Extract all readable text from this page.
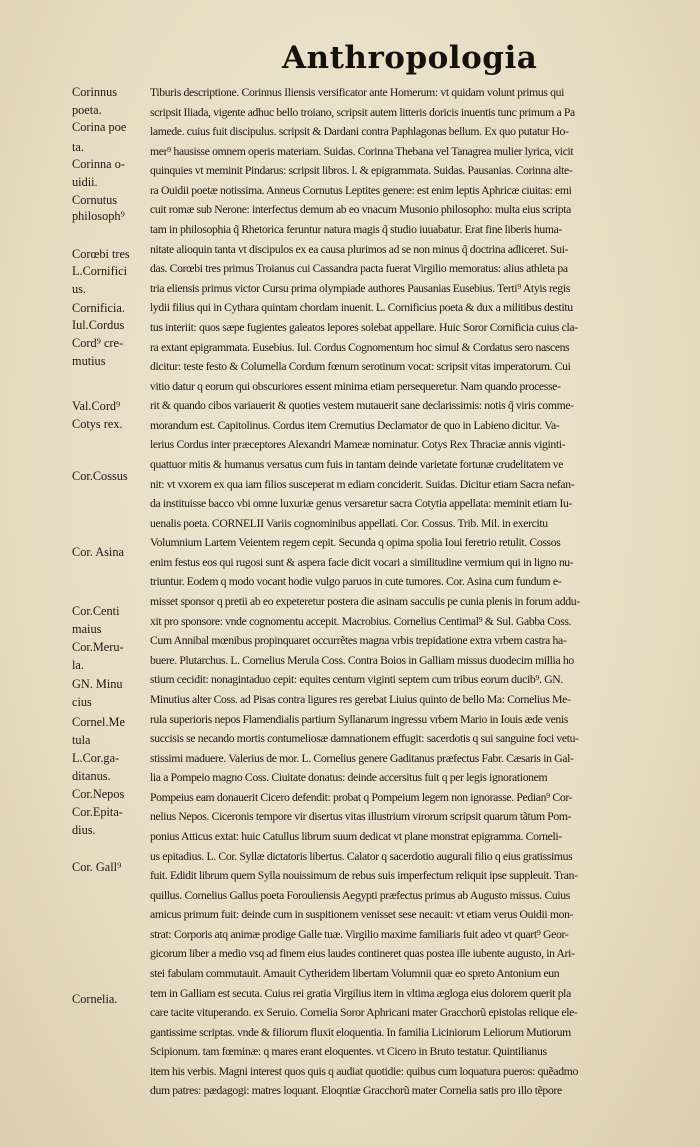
Anthropologia
Corinnus
poeta.
Corina poe
ta.
Corinna o-
uidii.
Cornutus
philosoph⁹
Corœbi tres
L.Cornifici
us.
Cornificia.
Iul.Cordus
Cord⁹ cre-
mutius
Val.Cord⁹
Cotys rex.
Cor.Cossus
Cor. Asina
Cor.Centi
maius
Cor.Meru-
la.
GN. Minu
cius
Cornel.Me
tula
L.Cor.ga-
ditanus.
Cor.Nepos
Cor.Epita-
dius.
Cor. Gall⁹
Cornelia.
Tiburis descriptione. Corinnus Iliensis versificator ante Homerum: vt quidam volunt primus qui
scripsit Iliada, vigente adhuc bello troiano, scripsit autem litteris doricis inuentis tunc primum a Pa
lamede. cuius fuit discipulus. scripsit & Dardani contra Paphlagonas bellum. Ex quo putatur Ho-
mer⁹ hausisse omnem operis materiam. Suidas. Corinna Thebana vel Tanagrea mulier lyrica, vicit
quinquies vt meminit Pindarus: scripsit libros. l. & epigrammata. Suidas. Pausanias. Corinna alte-
ra Ouidii poetæ notissima. Anneus Cornutus Leptites genere: est enim leptis Aphricæ ciuitas: emi
cuit romæ sub Nerone: interfectus demum ab eo vnacum Musonio philosopho: multa eius scripta
tam in philosophia q̃ Rhetorica feruntur natura magis q̃ studio iuuabatur. Erat fine liberis huma-
nitate alioquin tanta vt discipulos ex ea causa plurimos ad se non minus q̃ doctrina adliceret. Sui-
das. Corœbi tres primus Troianus cui Cassandra pacta fuerat Virgilio memoratus: alius athleta pa
tria eliensis primus victor Cursu prima olympiade authores Pausanias Eusebius. Terti⁹ Atyis regis
lydii filius qui in Cythara quintam chordam inuenit. L. Cornificius poeta & dux a militibus destitu
tus interiit: quos sæpe fugientes galeatos lepores solebat appellare. Huic Soror Cornificia cuius cla-
ra extant epigrammata. Eusebius. Iul. Cordus Cognomentum hoc simul & Cordatus sero nascens
dicitur: teste festo & Columella Cordum fœnum serotinum vocat: scripsit vitas imperatorum. Cui
vitio datur q eorum qui obscuriores essent minima etiam persequeretur. Nam quando processe-
rit & quando cibos variauerit & quoties vestem mutauerit sane declarissimis: notis q̃ viris comme-
morandum est. Capitolinus. Cordus item Cremutius Declamator de quo in Labieno dicitur. Va-
lerius Cordus inter præceptores Alexandri Mameæ nominatur. Cotys Rex Thraciæ annis viginti-
quattuor mitis & humanus versatus cum fuis in tantam deinde varietate fortunæ crudelitatem ve
nit: vt vxorem ex qua iam filios susceperat m ediam conciderit. Suidas. Dicitur etiam Sacra nefan-
da instituisse bacco vbi omne luxuriæ genus versaretur sacra Cotytia appellata: meminit etiam Iu-
uenalis poeta. CORNELII Variis cognominibus appellati. Cor. Cossus. Trib. Mil. in exercitu
Volumnium Lartem Veientem regem cepit. Secunda q opima spolia Ioui feretrio retulit. Cossos
enim festus eos qui rugosi sunt & aspera facie dicit vocari a similitudine vermium qui in ligno nu-
triuntur. Eodem q modo vocant hodie vulgo paruos in cute tumores. Cor. Asina cum fundum e-
misset sponsor q pretii ab eo expeteretur postera die asinam sacculis pe cunia plenis in forum addu-
xit pro sponsore: vnde cognomentu accepit. Macrobius. Cornelius Centimal⁹ & Sul. Gabba Coss.
Cum Annibal mœnibus propinquaret occurrẽtes magna vrbis trepidatione extra vrbem castra ha-
buere. Plutarchus. L. Cornelius Merula Coss. Contra Boios in Galliam missus duodecim millia ho
stium cecidit: nonagintaduo cepit: equites centum viginti septem cum tribus eorum ducib⁹. GN.
Minutius alter Coss. ad Pisas contra ligures res gerebat Liuius quinto de bello Ma: Cornelius Me-
rula superioris nepos Flamendialis partium Syllanarum ingressu vrbem Mario in Iouis æde venis
succisis se necando mortis contumeliosæ damnationem effugit: sacerdotis q sui sanguine foci vetu-
stissimi maduere. Valerius de mor. L. Cornelius genere Gaditanus præfectus Fabr. Cæsaris in Gal-
lia a Pompeio magno Coss. Ciuitate donatus: deinde accersitus fuit q per legis ignorationem
Pompeius eam donauerit Cicero defendit: probat q Pompeium legem non ignorasse. Pedian⁹ Cor-
nelius Nepos. Ciceronis tempore vir disertus vitas illustrium virorum scripsit quarum tãtum Pom-
ponius Atticus extat: huic Catullus librum suum dedicat vt plane monstrat epigramma. Corneli-
us epitadius. L. Cor. Syllæ dictatoris libertus. Calator q sacerdotio augurali filio q eius gratissimus
fuit. Edidit librum quem Sylla nouissimum de rebus suis imperfectum reliquit ipse suppleuit. Tran-
quillus. Cornelius Gallus poeta Forouliensis Aegypti præfectus primus ab Augusto missus. Cuius
amicus primum fuit: deinde cum in suspitionem venisset sese necauit: vt etiam verus Ouidii mon-
strat: Corporis atq animæ prodige Galle tuæ. Virgilio maxime familiaris fuit adeo vt quart⁹ Geor-
gicorum liber a medio vsq ad finem eius laudes contineret quas postea ille iubente augusto, in Ari-
stei fabulam commutauit. Amauit Cytheridem libertam Volumnii quæ eo spreto Antonium eun
tem in Galliam est secuta. Cuius rei gratia Virgilius item in vltima ægloga eius dolorem querit pla
care tacite vituperando. ex Seruio. Cornelia Soror Aphricani mater Gracchorũ epistolas relique ele-
gantissime scriptas. vnde & filiorum fluxit eloquentia. In familia Liciniorum Leliorum Mutiorum
Scipionum. tam fœminæ: q mares erant eloquentes. vt Cicero in Bruto testatur. Quintilianus
item his verbis. Magni interest quos quis q audiat quotidie: quibus cum loquatura pueros: quẽadmo
dum patres: pædagogi: matres loquant. Eloqntiæ Gracchorũ mater Cornelia satis pro illo tẽpore
